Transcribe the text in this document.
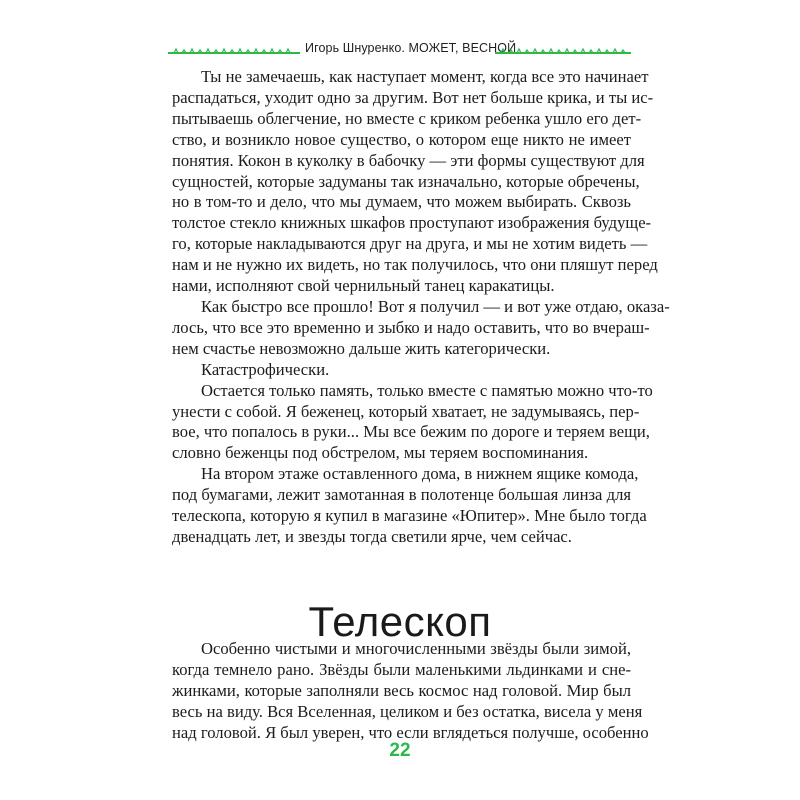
Игорь Шнуренко. МОЖЕТ, ВЕСНОЙ
Ты не замечаешь, как наступает момент, когда все это начинает
распадаться, уходит одно за другим. Вот нет больше крика, и ты ис-
пытываешь облегчение, но вместе с криком ребенка ушло его дет-
ство, и возникло новое существо, о котором еще никто не имеет
понятия. Кокон в куколку в бабочку — эти формы существуют для
сущностей, которые задуманы так изначально, которые обречены,
но в том-то и дело, что мы думаем, что можем выбирать. Сквозь
толстое стекло книжных шкафов проступают изображения будуще-
го, которые накладываются друг на друга, и мы не хотим видеть —
нам и не нужно их видеть, но так получилось, что они пляшут перед
нами, исполняют свой чернильный танец каракатицы.
Как быстро все прошло! Вот я получил — и вот уже отдаю, оказа-
лось, что все это временно и зыбко и надо оставить, что во вчераш-
нем счастье невозможно дальше жить категорически.
Катастрофически.
Остается только память, только вместе с памятью можно что-то
унести с собой. Я беженец, который хватает, не задумываясь, пер-
вое, что попалось в руки... Мы все бежим по дороге и теряем вещи,
словно беженцы под обстрелом, мы теряем воспоминания.
На втором этаже оставленного дома, в нижнем ящике комода,
под бумагами, лежит замотанная в полотенце большая линза для
телескопа, которую я купил в магазине «Юпитер». Мне было тогда
двенадцать лет, и звезды тогда светили ярче, чем сейчас.
Телескоп
Особенно чистыми и многочисленными звёзды были зимой,
когда темнело рано. Звёзды были маленькими льдинками и сне-
жинками, которые заполняли весь космос над головой. Мир был
весь на виду. Вся Вселенная, целиком и без остатка, висела у меня
над головой. Я был уверен, что если вглядеться получше, особенно
22
